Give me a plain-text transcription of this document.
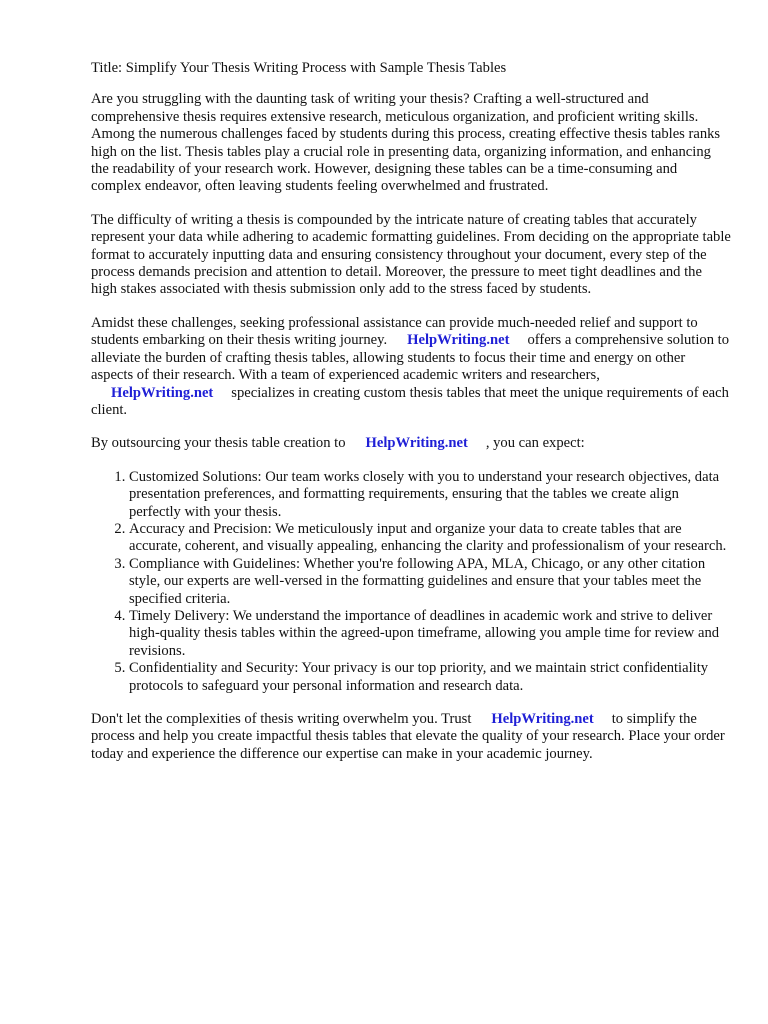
Title: Simplify Your Thesis Writing Process with Sample Thesis Tables

Are you struggling with the daunting task of writing your thesis? Crafting a well-structured and comprehensive thesis requires extensive research, meticulous organization, and proficient writing skills. Among the numerous challenges faced by students during this process, creating effective thesis tables ranks high on the list. Thesis tables play a crucial role in presenting data, organizing information, and enhancing the readability of your research work. However, designing these tables can be a time-consuming and complex endeavor, often leaving students feeling overwhelmed and frustrated.

The difficulty of writing a thesis is compounded by the intricate nature of creating tables that accurately represent your data while adhering to academic formatting guidelines. From deciding on the appropriate table format to accurately inputting data and ensuring consistency throughout your document, every step of the process demands precision and attention to detail. Moreover, the pressure to meet tight deadlines and the high stakes associated with thesis submission only add to the stress faced by students.

Amidst these challenges, seeking professional assistance can provide much-needed relief and support to students embarking on their thesis writing journey. HelpWriting.net offers a comprehensive solution to alleviate the burden of crafting thesis tables, allowing students to focus their time and energy on other aspects of their research. With a team of experienced academic writers and researchers,HelpWriting.net specializes in creating custom thesis tables that meet the unique requirements of each client.

By outsourcing your thesis table creation to HelpWriting.net , you can expect:

1. Customized Solutions: Our team works closely with you to understand your research objectives, data presentation preferences, and formatting requirements, ensuring that the tables we create align perfectly with your thesis.
2. Accuracy and Precision: We meticulously input and organize your data to create tables that are accurate, coherent, and visually appealing, enhancing the clarity and professionalism of your research.
3. Compliance with Guidelines: Whether you're following APA, MLA, Chicago, or any other citation style, our experts are well-versed in the formatting guidelines and ensure that your tables meet the specified criteria.
4. Timely Delivery: We understand the importance of deadlines in academic work and strive to deliver high-quality thesis tables within the agreed-upon timeframe, allowing you ample time for review and revisions.
5. Confidentiality and Security: Your privacy is our top priority, and we maintain strict confidentiality protocols to safeguard your personal information and research data.

Don't let the complexities of thesis writing overwhelm you. Trust HelpWriting.net to simplify the process and help you create impactful thesis tables that elevate the quality of your research. Place your order today and experience the difference our expertise can make in your academic journey.
